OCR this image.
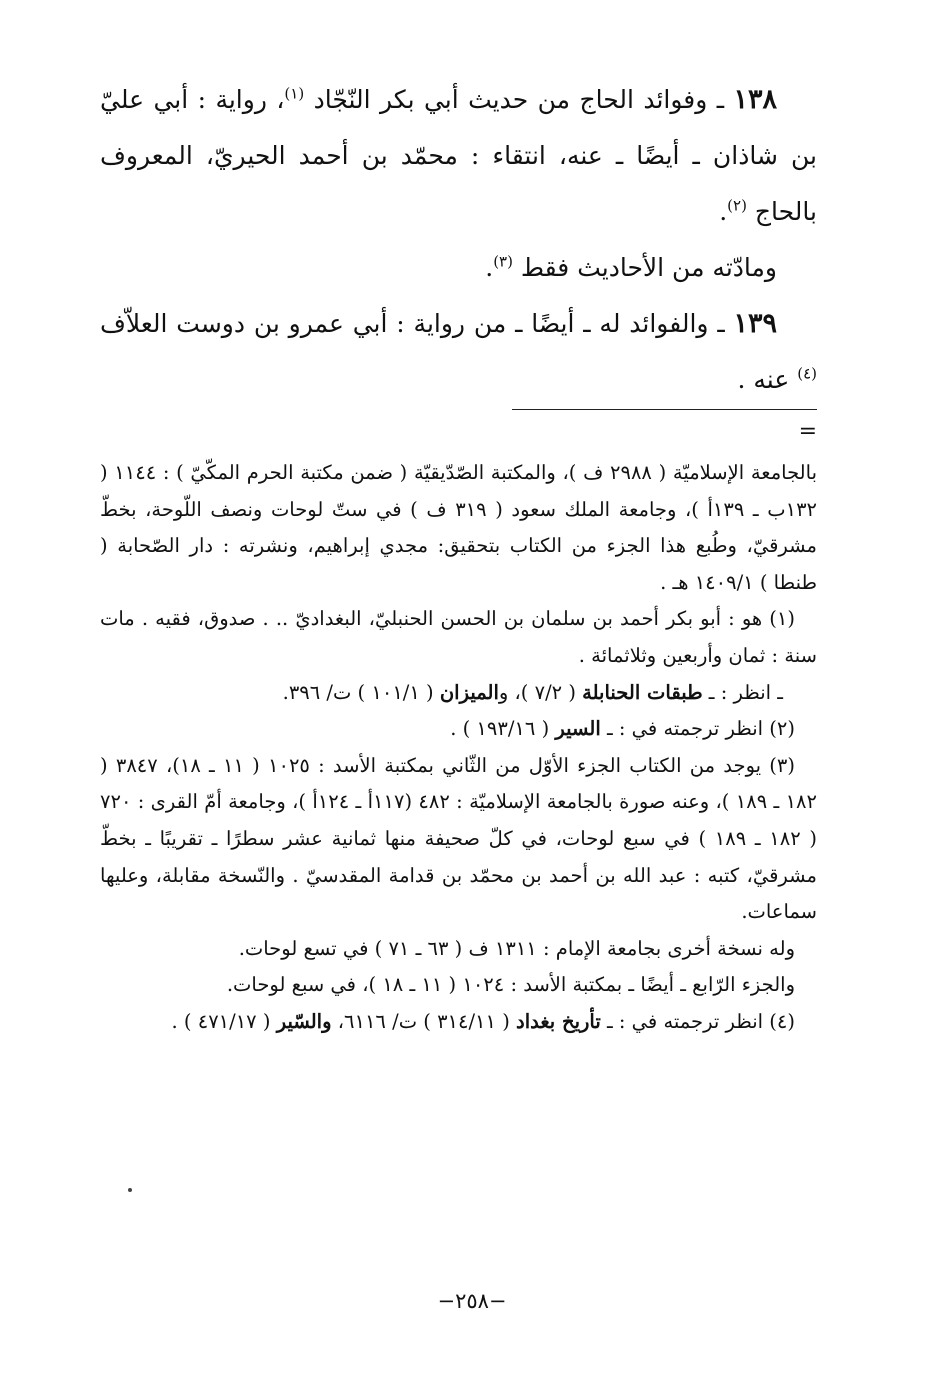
١٣٨ ـ وفوائد الحاج من حديث أبي بكر النّجّاد $^{(١)}$، رواية : أبي عليّ بن شاذان ـ أيضًا ـ عنه، انتقاء : محمّد بن أحمد الحيريّ، المعروف بالحاج $^{(٢)}$.

ومادّته من الأحاديث فقط $^{(٣)}$.

١٣٩ ـ والفوائد له ـ أيضًا ـ من رواية : أبي عمرو بن دوست العلاّف $^{(٤)}$ عنه .

=

بالجامعة الإسلاميّة ( ٢٩٨٨ ف )، والمكتبة الصّدّيقيّة ( ضمن مكتبة الحرم المكّيّ ) : ١١٤٤ ( ١٣٢ب ـ ١٣٩أ )، وجامعة الملك سعود ( ٣١٩ ف ) في ستّ لوحات ونصف اللّوحة، بخطّ مشرقيّ، وطُبع هذا الجزء من الكتاب بتحقيق: مجدي إبراهيم، ونشرته : دار الصّحابة ( طنطا ) ١٤٠٩/١ هـ .

(١) هو : أبو بكر أحمد بن سلمان بن الحسن الحنبليّ، البغداديّ .. . صدوق، فقيه . مات سنة : ثمان وأربعين وثلاثمائة .

ـ انظر : ـ طبقات الحنابلة ( ٧/٢ )، والميزان ( ١٠١/١ ) ت/ ٣٩٦.

(٢) انظر ترجمته في : ـ السير ( ١٩٣/١٦ ) .

(٣) يوجد من الكتاب الجزء الأوّل من الثّاني بمكتبة الأسد : ١٠٢٥ ( ١١ ـ ١٨)، ٣٨٤٧ ( ١٨٢ ـ ١٨٩ )، وعنه صورة بالجامعة الإسلاميّة : ٤٨٢ (١١٧أ ـ ١٢٤أ )، وجامعة أمّ القرى : ٧٢٠ ( ١٨٢ ـ ١٨٩ ) في سبع لوحات، في كلّ صحيفة منها ثمانية عشر سطرًا ـ تقريبًا ـ بخطّ مشرقيّ، كتبه : عبد الله بن أحمد بن محمّد بن قدامة المقدسيّ . والنّسخة مقابلة، وعليها سماعات.

وله نسخة أخرى بجامعة الإمام : ١٣١١ ف ( ٦٣ ـ ٧١ ) في تسع لوحات.

والجزء الرّابع ـ أيضًا ـ بمكتبة الأسد : ١٠٢٤ ( ١١ ـ ١٨ )، في سبع لوحات.

(٤) انظر ترجمته في : ـ تأريخ بغداد ( ٣١٤/١١ ) ت/ ٦١١٦، والسّير ( ٤٧١/١٧ ) .

−٢٥٨−
